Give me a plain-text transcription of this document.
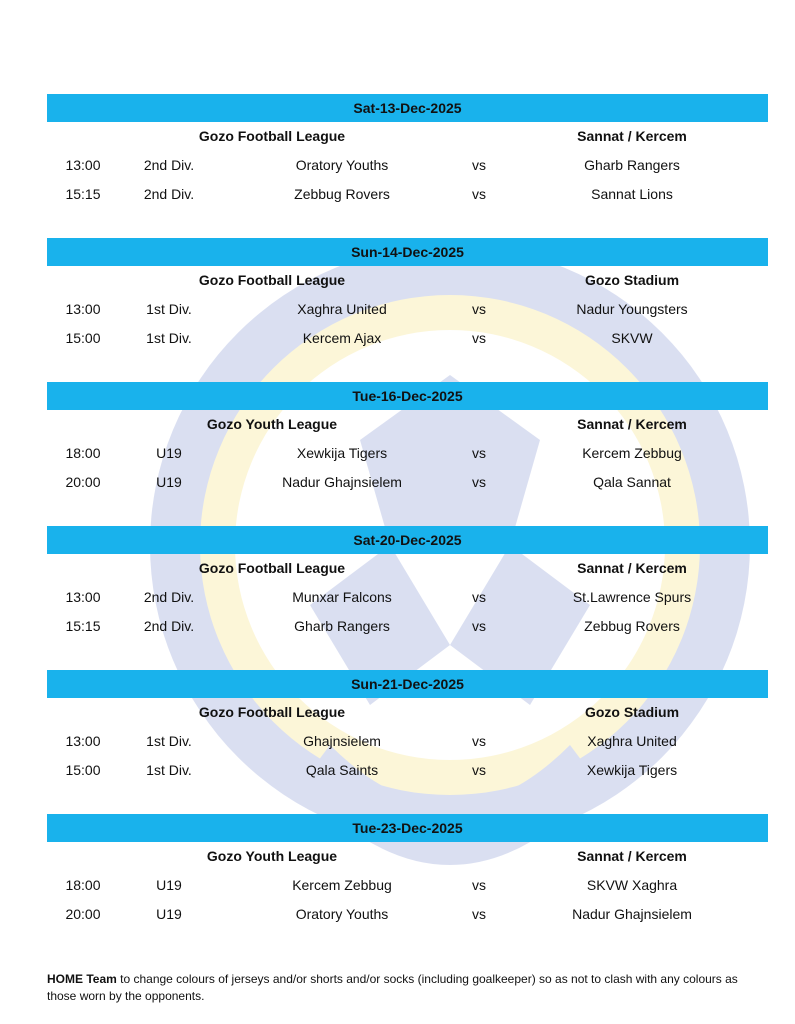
Sat-13-Dec-2025
Gozo Football League	Sannat / Kercem
13:00	2nd Div.	Oratory Youths	vs	Gharb Rangers
15:15	2nd Div.	Zebbug Rovers	vs	Sannat Lions
Sun-14-Dec-2025
Gozo Football League	Gozo Stadium
13:00	1st Div.	Xaghra United	vs	Nadur Youngsters
15:00	1st Div.	Kercem Ajax	vs	SKVW
Tue-16-Dec-2025
Gozo Youth League	Sannat / Kercem
18:00	U19	Xewkija Tigers	vs	Kercem Zebbug
20:00	U19	Nadur Ghajnsielem	vs	Qala Sannat
Sat-20-Dec-2025
Gozo Football League	Sannat / Kercem
13:00	2nd Div.	Munxar Falcons	vs	St.Lawrence Spurs
15:15	2nd Div.	Gharb Rangers	vs	Zebbug Rovers
Sun-21-Dec-2025
Gozo Football League	Gozo Stadium
13:00	1st Div.	Ghajnsielem	vs	Xaghra United
15:00	1st Div.	Qala Saints	vs	Xewkija Tigers
Tue-23-Dec-2025
Gozo Youth League	Sannat / Kercem
18:00	U19	Kercem Zebbug	vs	SKVW Xaghra
20:00	U19	Oratory Youths	vs	Nadur Ghajnsielem
HOME Team to change colours of jerseys and/or shorts and/or socks (including goalkeeper) so as not to clash with any colours as those worn by the opponents.
